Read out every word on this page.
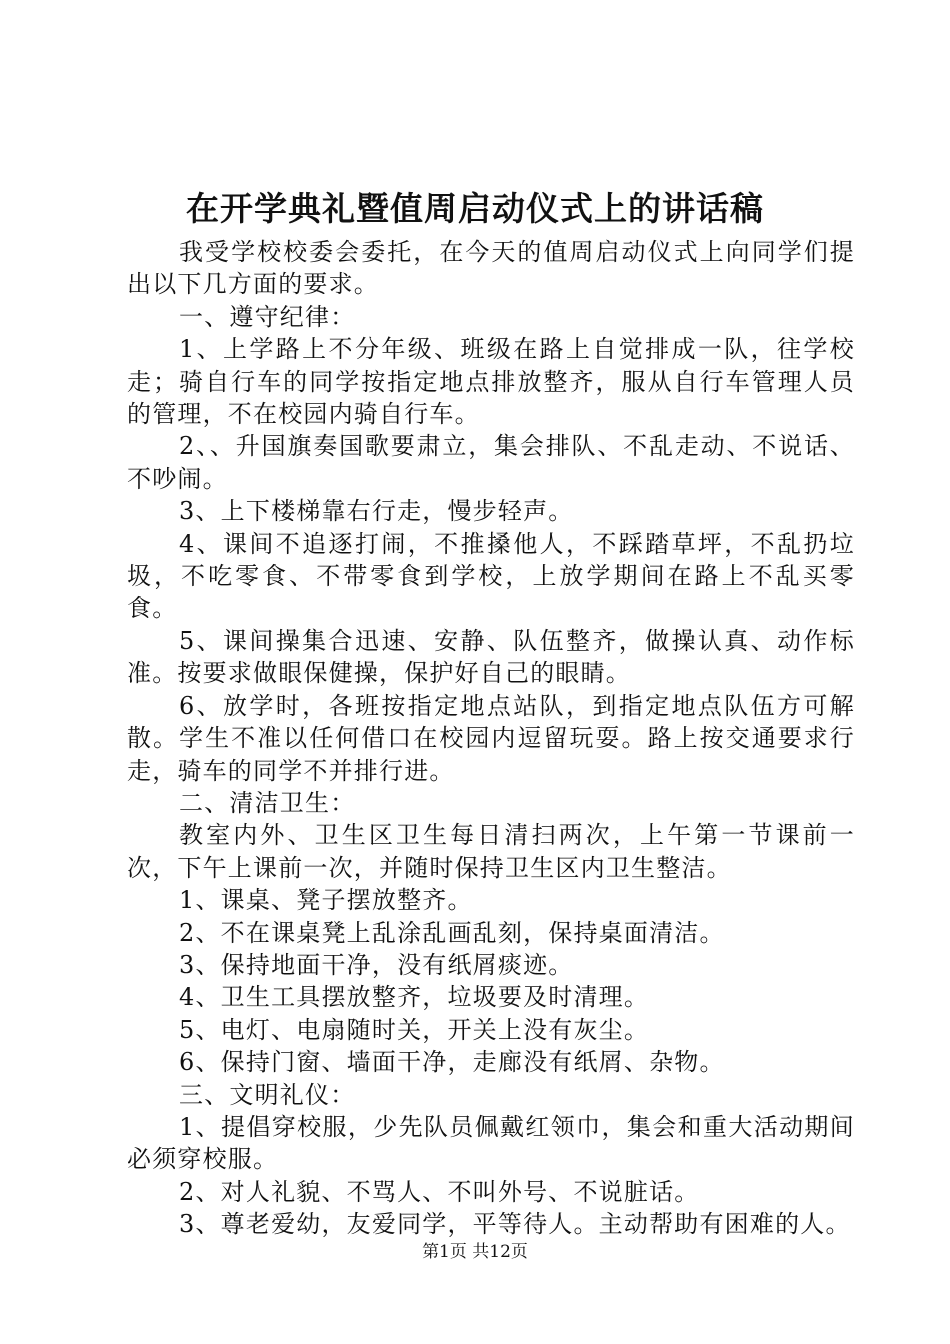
在开学典礼暨值周启动仪式上的讲话稿

我受学校校委会委托，在今天的值周启动仪式上向同学们提出以下几方面的要求。

一、遵守纪律：

1、上学路上不分年级、班级在路上自觉排成一队，往学校走；骑自行车的同学按指定地点排放整齐，服从自行车管理人员的管理，不在校园内骑自行车。

2、、升国旗奏国歌要肃立，集会排队、不乱走动、不说话、不吵闹。

3、上下楼梯靠右行走，慢步轻声。

4、课间不追逐打闹，不推搡他人，不踩踏草坪，不乱扔垃圾，不吃零食、不带零食到学校，上放学期间在路上不乱买零食。

5、课间操集合迅速、安静、队伍整齐，做操认真、动作标准。按要求做眼保健操，保护好自己的眼睛。

6、放学时，各班按指定地点站队，到指定地点队伍方可解散。学生不准以任何借口在校园内逗留玩耍。路上按交通要求行走，骑车的同学不并排行进。

二、清洁卫生：

教室内外、卫生区卫生每日清扫两次，上午第一节课前一次，下午上课前一次，并随时保持卫生区内卫生整洁。

1、课桌、凳子摆放整齐。

2、不在课桌凳上乱涂乱画乱刻，保持桌面清洁。

3、保持地面干净，没有纸屑痰迹。

4、卫生工具摆放整齐，垃圾要及时清理。

5、电灯、电扇随时关，开关上没有灰尘。

6、保持门窗、墙面干净，走廊没有纸屑、杂物。

三、文明礼仪：

1、提倡穿校服，少先队员佩戴红领巾，集会和重大活动期间必须穿校服。

2、对人礼貌、不骂人、不叫外号、不说脏话。

3、尊老爱幼，友爱同学，平等待人。主动帮助有困难的人。

第1页 共12页
